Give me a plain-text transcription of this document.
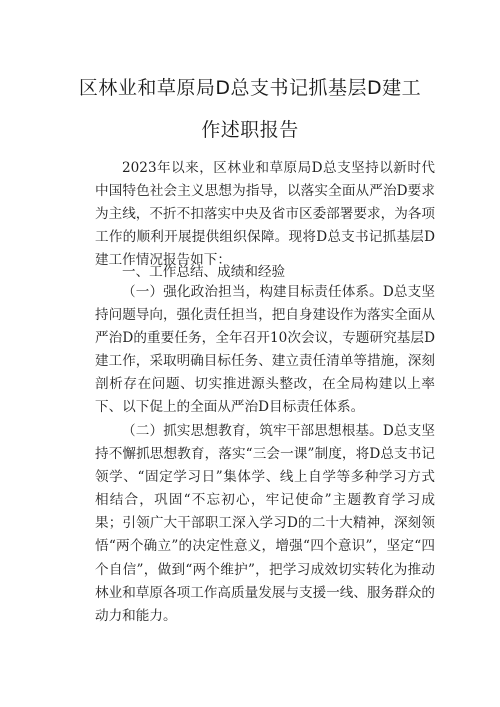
区林业和草原局D总支书记抓基层D建工
作述职报告

2023年以来，区林业和草原局D总支坚持以新时代中国特色社会主义思想为指导，以落实全面从严治D要求为主线，不折不扣落实中央及省市区委部署要求，为各项工作的顺利开展提供组织保障。现将D总支书记抓基层D建工作情况报告如下：

一、工作总结、成绩和经验

（一）强化政治担当，构建目标责任体系。D总支坚持问题导向，强化责任担当，把自身建设作为落实全面从严治D的重要任务，全年召开10次会议，专题研究基层D建工作，采取明确目标任务、建立责任清单等措施，深刻剖析存在问题、切实推进源头整改，在全局构建以上率下、以下促上的全面从严治D目标责任体系。

（二）抓实思想教育，筑牢干部思想根基。D总支坚持不懈抓思想教育，落实“三会一课”制度，将D总支书记领学、“固定学习日”集体学、线上自学等多种学习方式相结合，巩固“不忘初心，牢记使命”主题教育学习成果；引领广大干部职工深入学习D的二十大精神，深刻领悟“两个确立”的决定性意义，增强“四个意识”，坚定“四个自信”，做到“两个维护”，把学习成效切实转化为推动林业和草原各项工作高质量发展与支援一线、服务群众的动力和能力。
